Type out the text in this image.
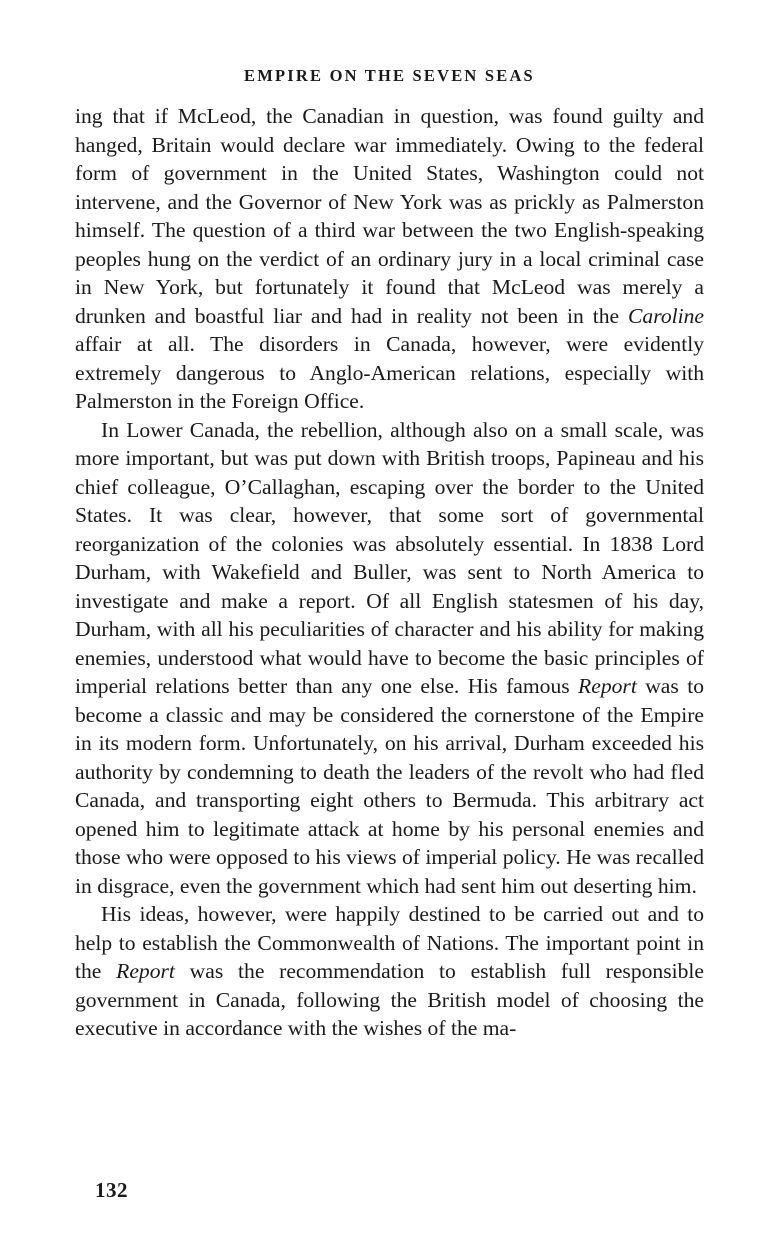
EMPIRE ON THE SEVEN SEAS

ing that if McLeod, the Canadian in question, was found guilty and hanged, Britain would declare war immediately. Owing to the federal form of government in the United States, Washington could not intervene, and the Governor of New York was as prickly as Palmerston himself. The question of a third war between the two English-speaking peoples hung on the verdict of an ordinary jury in a local criminal case in New York, but fortunately it found that McLeod was merely a drunken and boastful liar and had in reality not been in the Caroline affair at all. The disorders in Canada, however, were evidently extremely dangerous to Anglo-American relations, especially with Palmerston in the Foreign Office.

In Lower Canada, the rebellion, although also on a small scale, was more important, but was put down with British troops, Papineau and his chief colleague, O’Callaghan, escaping over the border to the United States. It was clear, however, that some sort of governmental reorganization of the colonies was absolutely essential. In 1838 Lord Durham, with Wakefield and Buller, was sent to North America to investigate and make a report. Of all English statesmen of his day, Durham, with all his peculiarities of character and his ability for making enemies, understood what would have to become the basic principles of imperial relations better than any one else. His famous Report was to become a classic and may be considered the cornerstone of the Empire in its modern form. Unfortunately, on his arrival, Durham exceeded his authority by condemning to death the leaders of the revolt who had fled Canada, and transporting eight others to Bermuda. This arbitrary act opened him to legitimate attack at home by his personal enemies and those who were opposed to his views of imperial policy. He was recalled in disgrace, even the government which had sent him out deserting him.

His ideas, however, were happily destined to be carried out and to help to establish the Commonwealth of Nations. The important point in the Report was the recommendation to establish full responsible government in Canada, following the British model of choosing the executive in accordance with the wishes of the ma-

132
